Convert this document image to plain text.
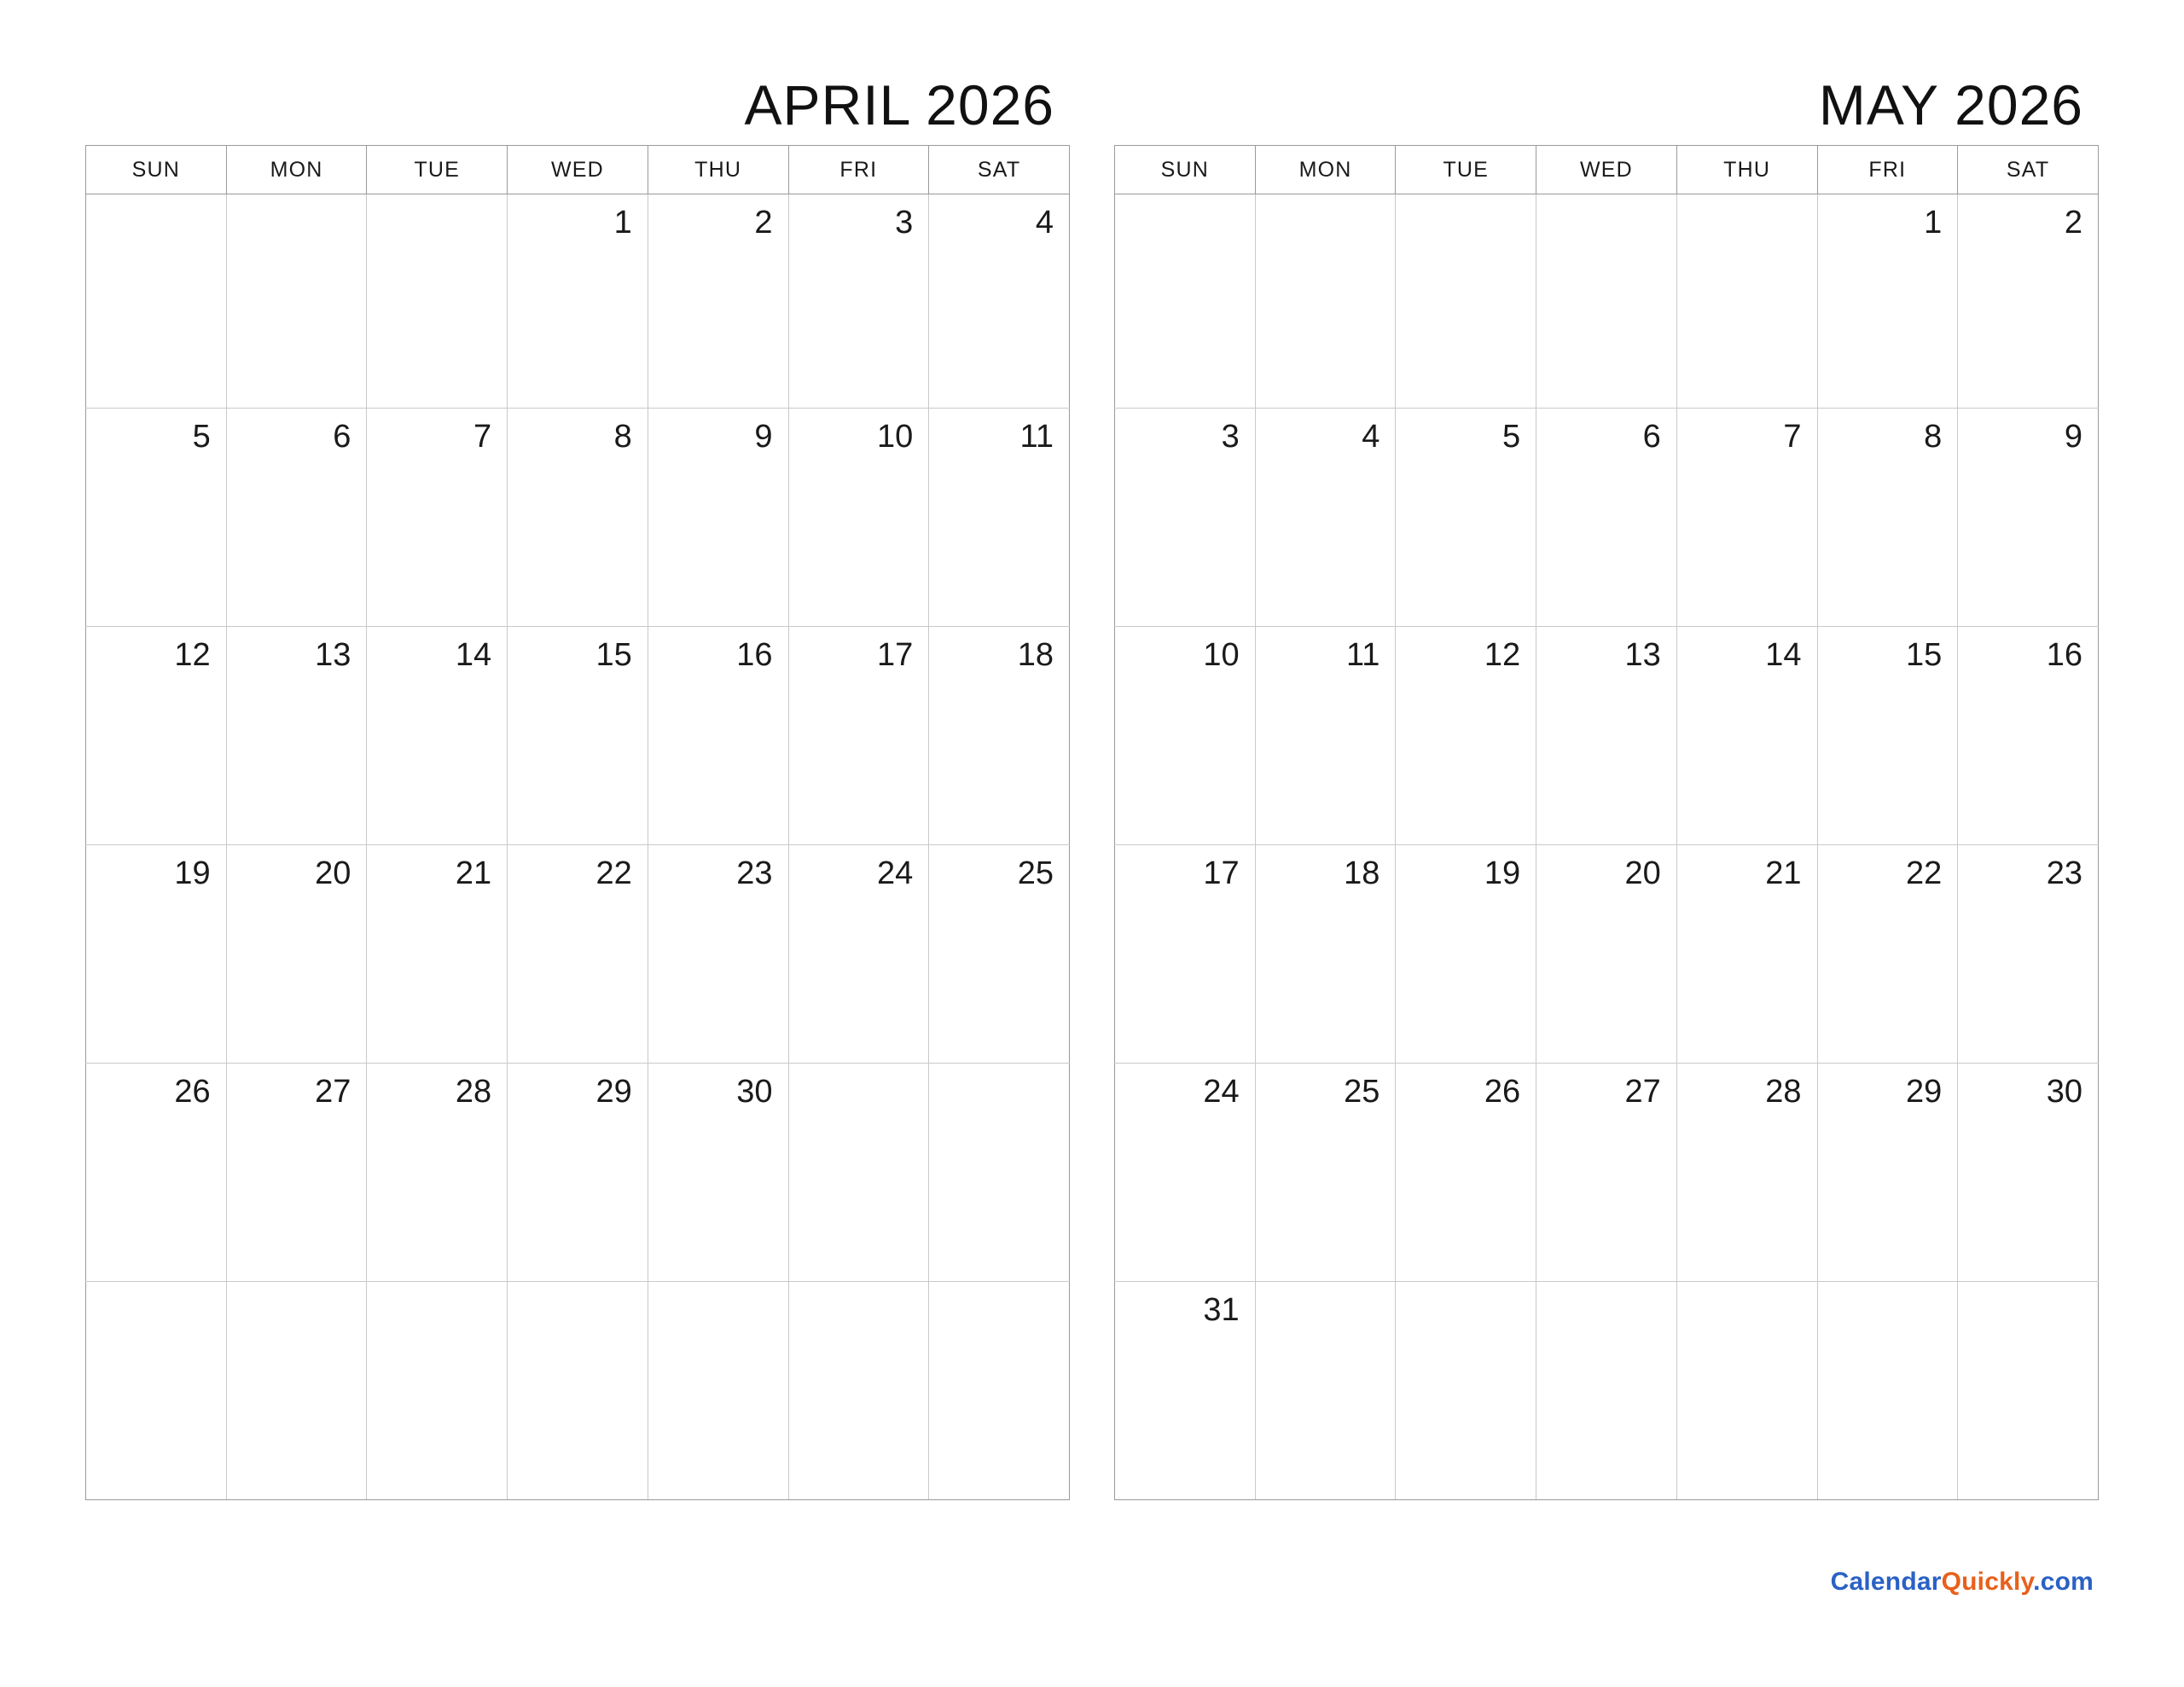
APRIL 2026
SUN	MON	TUE	WED	THU	FRI	SAT
			1	2	3	4
5	6	7	8	9	10	11
12	13	14	15	16	17	18
19	20	21	22	23	24	25
26	27	28	29	30		

MAY 2026
SUN	MON	TUE	WED	THU	FRI	SAT
					1	2
3	4	5	6	7	8	9
10	11	12	13	14	15	16
17	18	19	20	21	22	23
24	25	26	27	28	29	30
31						
CalendarQuickly.com
